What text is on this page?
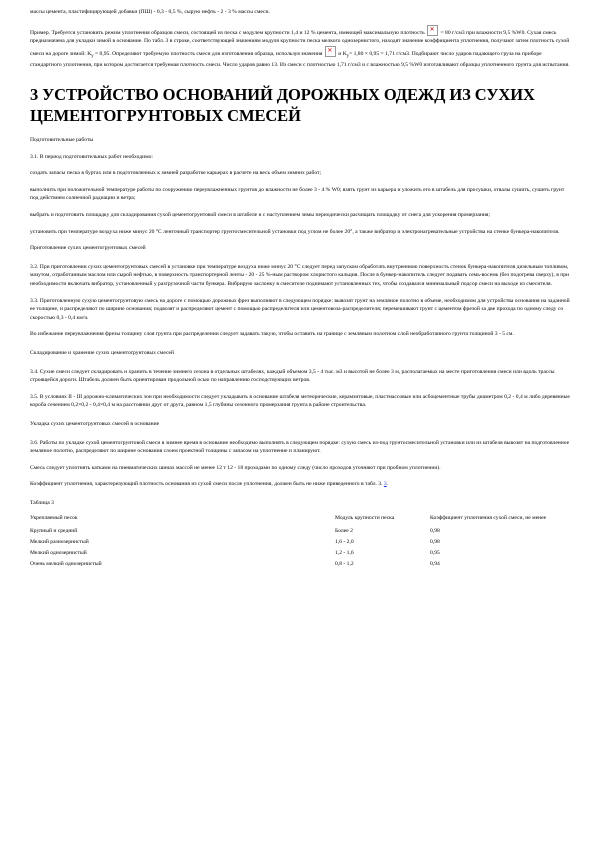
массы цемента, пластифицирующей добавки (ПШ) - 0,3 - 0,5 %, сырую нефть - 2 - 3 % массы смеси.

Пример. Требуется установить режим уплотнения образцов смеси, состоящей из песка с модулем крупности 1,4 и 12 % цемента, имеющей максимальную плотность ✕	= 80 г/см3 при влажности 9,5 %W0. Сухая смесь предназначена для укладки зимой в основание. По табл. 3 в строке, соответствующей значениям модуля крупности песка мелкого однозернистого, находят значение коэффициента уплотнения, получают затем плотность сухой смеси на дороге зимой: $K_y = 0,95$. Определяют требуемую плотность смеси для изготовления образца, используя значения ✕	и $K_y= 1,80 \times 0,95 = 1,71$ г/см3. Подбирают число ударов падающего груза на приборе стандартного уплотнения, при котором достигается требуемая плотность смеси. Число ударов равно 13. Из смеси с плотностью 1,71 г/см3 и с влажностью 9,5 %W0 изготавливают образцы уплотненного грунта для испытания.

3 УСТРОЙСТВО ОСНОВАНИЙ ДОРОЖНЫХ ОДЕЖД ИЗ СУХИХ ЦЕМЕНТОГРУНТОВЫХ СМЕСЕЙ

Подготовительные работы

3.1. В период подготовительных работ необходимо:

создать запасы песка в буртах или в подготовленных к зимней разработке карьерах в расчете на весь объем зимних работ;

выполнить при положительной температуре работы по сооружению переувлажненных грунтов до влажности не более 3 - 4 % W0; взять грунт из карьера и уложить его в штабель для просушки, отвалы сушить, сушить грунт под действием солнечной радиации и ветра;

выбрать и подготовить площадку для складирования сухой цементогрунтовой смеси в штабеле и с наступлением зимы периодически расчищать площадку от снега для ускорения промерзания;

установить при температуре воздуха ниже минус 20 °С ленточный транспортер грунтосмесительной установки под углом не более 20°, а также вибратор и электронагревательные устройства на стенке бункера-накопителя.

Приготовление сухих цементогрунтовых смесей

3.2. При приготовлении сухих цементогрунтовых смесей в установке при температуре воздуха ниже минус 20 °С следует перед запуском обработать внутреннюю поверхность стенок бункера-накопителя дизельным топливом, мазутом, отработанным маслом или сырой нефтью, в поверхность транспортерной ленты - 20 - 25 %-ным раствором хлористого кальция. После в бункер-накопитель следует подавать семь-восемь (без подогрева сверху), в при необходимости включать вибратор, установленный у разгрузочной части бункера. Вибрирую заслонку в смесителе поднимают установленных тех, чтобы создавался минимальный подсор смеси на выходе из смесителя.

3.3. Приготовленную сухую цементогрунтовую смесь на дороге с помощью дорожных фрез выполняют в следующем порядке: вывозят грунт на земляное полотно в объеме, необходимом для устройства основания на заданной ее толщине, и распределяют по ширине основания; подвозят и распределяют цемент с помощью распределителя или цементовоза-распределителя; перемешивают грунт с цементом фрезой за две прохода по одному следу со скоростью 0,3 - 0,4 км/ч.

Во избежание переувлажнения фрезы толщину слоя грунта при распределении следует задавать такую, чтобы оставить на границе с земляным полотном слой необработанного грунта толщиной 3 - 5 см.

Складирование и хранение сухих цементогрунтовых смесей

3.4. Сухие смеси следует складировать и хранить в течение зимнего сезона в отдельных штабелях, каждый объемом 3,5 - 4 тыс. м3 и высотой не более 3 м, располагаемых на месте приготовления смеси или вдоль трассы строящейся дороги. Штабель должен быть ориентирован продольной осью по направлению господствующих ветров.

3.5. В условиях II - III дорожно-климатических зон при необходимости следует укладывать в основание штабеля метеорические, керамзитовые, пластмассовые или асбоцементные трубы диаметром 0,2 - 0,4 м либо деревянные короба сечением 0,2×0,2 - 0,4×0,4 м на расстоянии друг от друга, равном 1,5 глубины сезонного промерзания грунта в районе строительства.

Укладка сухих цементогрунтовых смесей в основание

3.6. Работы по укладке сухой цементогрунтовой смеси в зимнее время в основание необходимо выполнять в следующем порядке: сухую смесь из-под грунтосмесительной установки или из штабеля вывозят на подготовленное земляное полотно, распределяют по ширине основания слоем проектной толщины с запасом на уплотнение и планируют.

Смесь следует уплотнять катками на пневматических шинах массой не менее 12 т 12 - 18 проходами по одному следу (число проходов уточняют при пробном уплотнении).

Коэффициент уплотнения, характеризующий плотность основания из сухой смеси после уплотнения, должен быть не ниже приведенного в табл. 3. 3.

Таблица 3

Укрепляемый песок	Модуль крупности песка	Коэффициент уплотнения сухой смеси, не менее
Крупный и средний	Более 2	0,98
Мелкий разнозернистый	1,6 - 2,0	0,98
Мелкий однозернистый	1,2 - 1,6	0,95
Очень мелкий однозернистый	0,8 - 1,2	0,94
